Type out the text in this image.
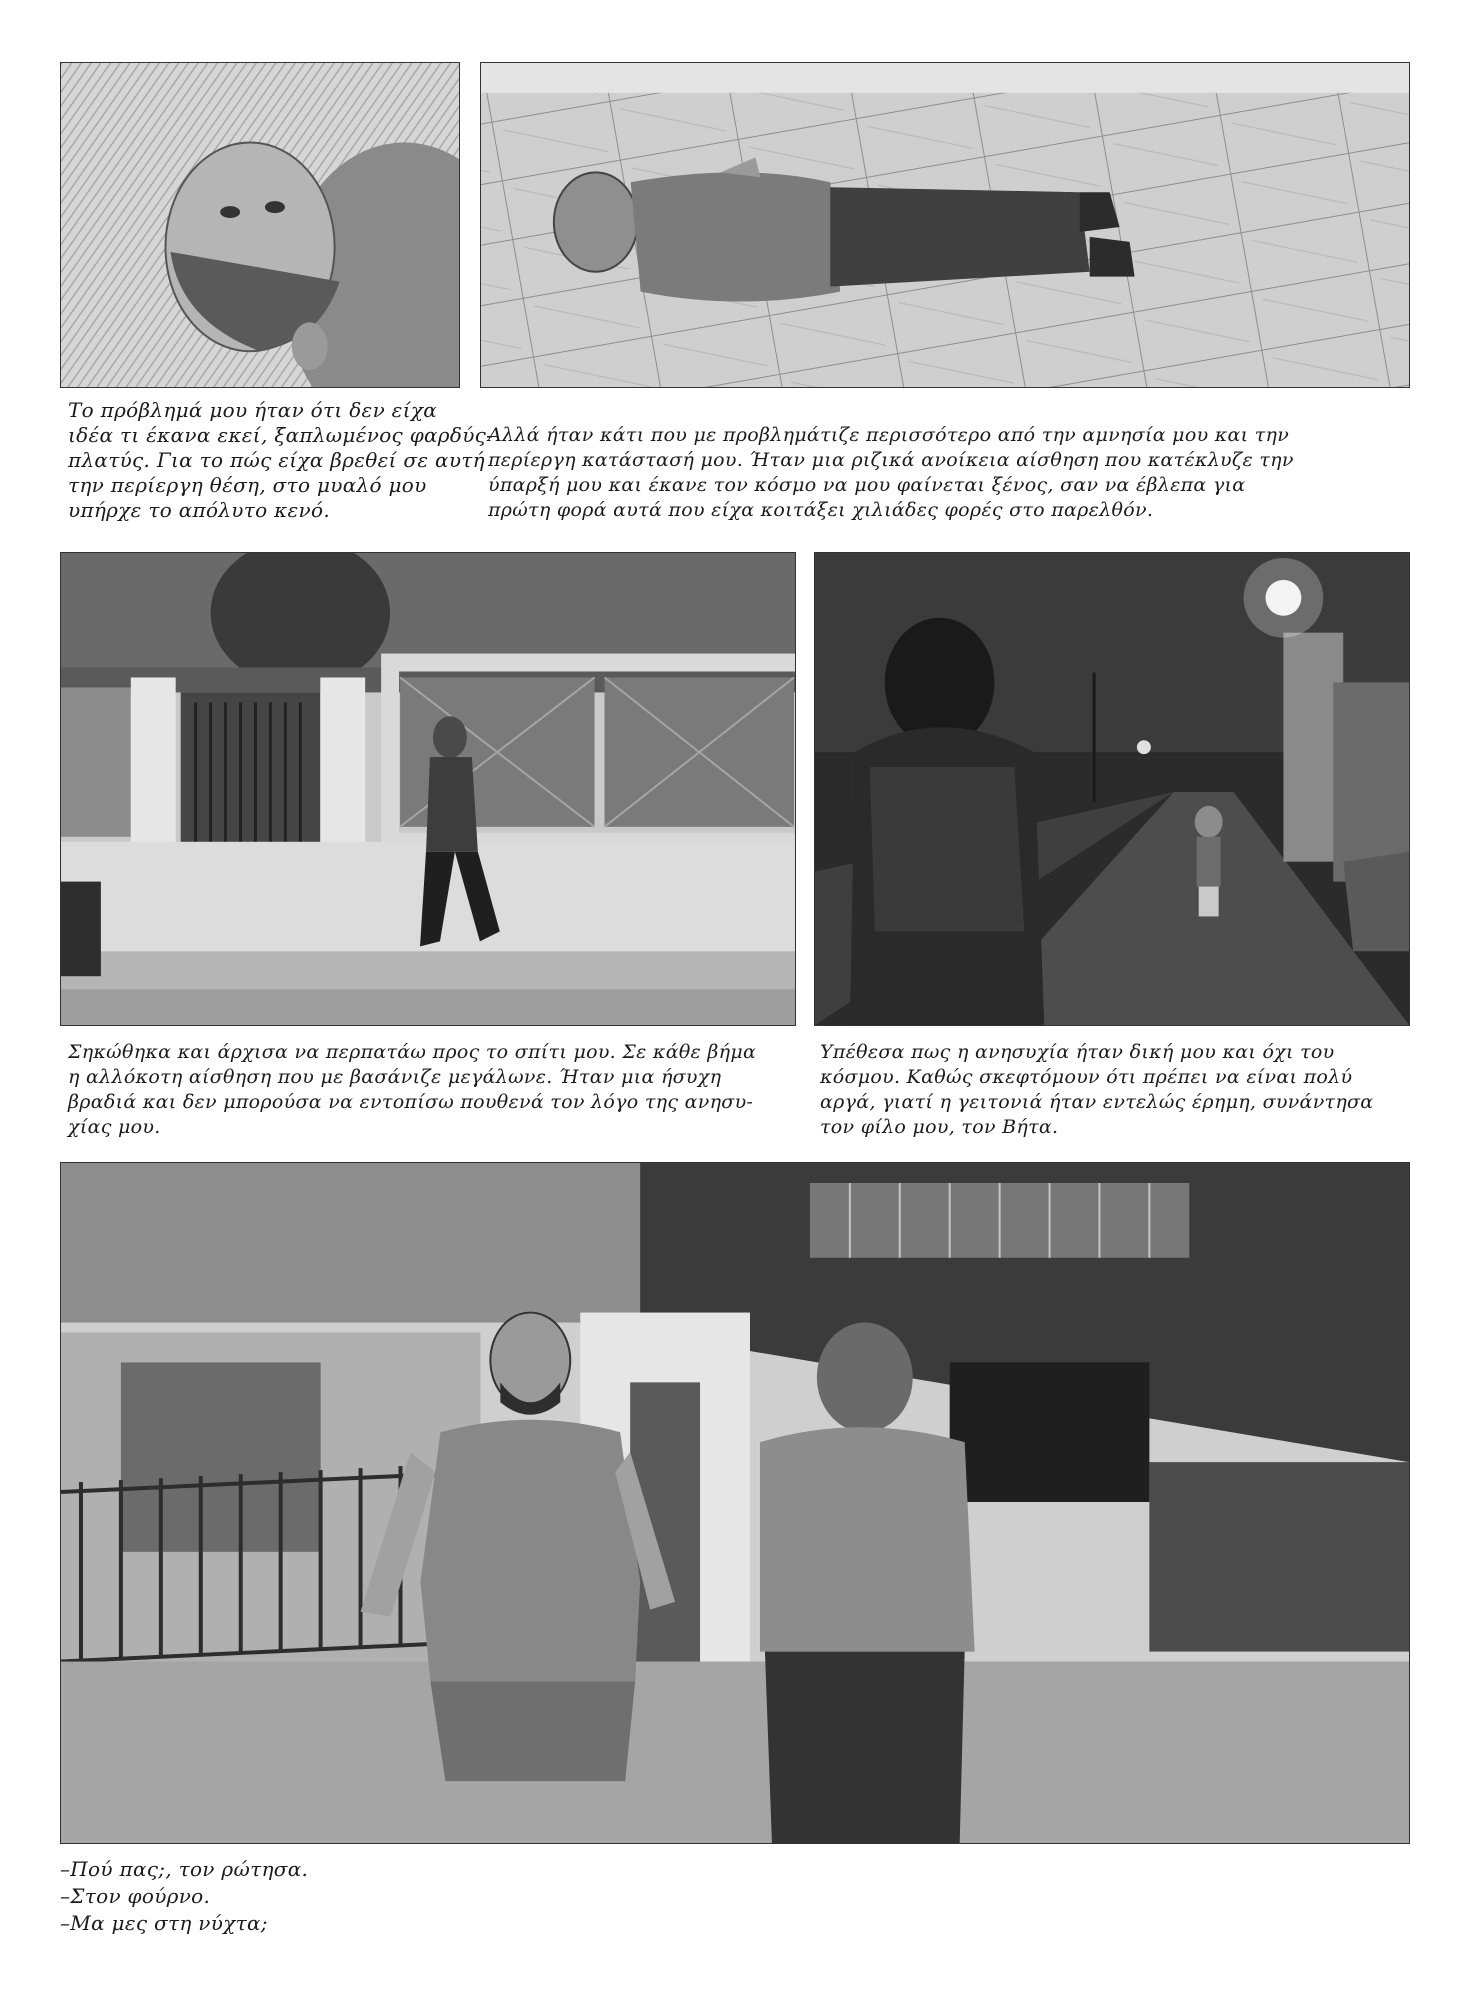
Το πρόβλημά μου ήταν ότι δεν είχα
ιδέα τι έκανα εκεί, ξαπλωμένος φαρδύς-
πλατύς. Για το πώς είχα βρεθεί σε αυτή
την περίεργη θέση, στο μυαλό μου
υπήρχε το απόλυτο κενό.
Αλλά ήταν κάτι που με προβλημάτιζε περισσότερο από την αμνησία μου και την
περίεργη κατάστασή μου. Ήταν μια ριζικά ανοίκεια αίσθηση που κατέκλυζε την
ύπαρξή μου και έκανε τον κόσμο να μου φαίνεται ξένος, σαν να έβλεπα για
πρώτη φορά αυτά που είχα κοιτάξει χιλιάδες φορές στο παρελθόν.
Σηκώθηκα και άρχισα να περπατάω προς το σπίτι μου. Σε κάθε βήμα
η αλλόκοτη αίσθηση που με βασάνιζε μεγάλωνε. Ήταν μια ήσυχη
βραδιά και δεν μπορούσα να εντοπίσω πουθενά τον λόγο της ανησυ-
χίας μου.
Υπέθεσα πως η ανησυχία ήταν δική μου και όχι του
κόσμου. Καθώς σκεφτόμουν ότι πρέπει να είναι πολύ
αργά, γιατί η γειτονιά ήταν εντελώς έρημη, συνάντησα
τον φίλο μου, τον Βήτα.
–Πού πας;, τον ρώτησα.
–Στον φούρνο.
–Μα μες στη νύχτα;
